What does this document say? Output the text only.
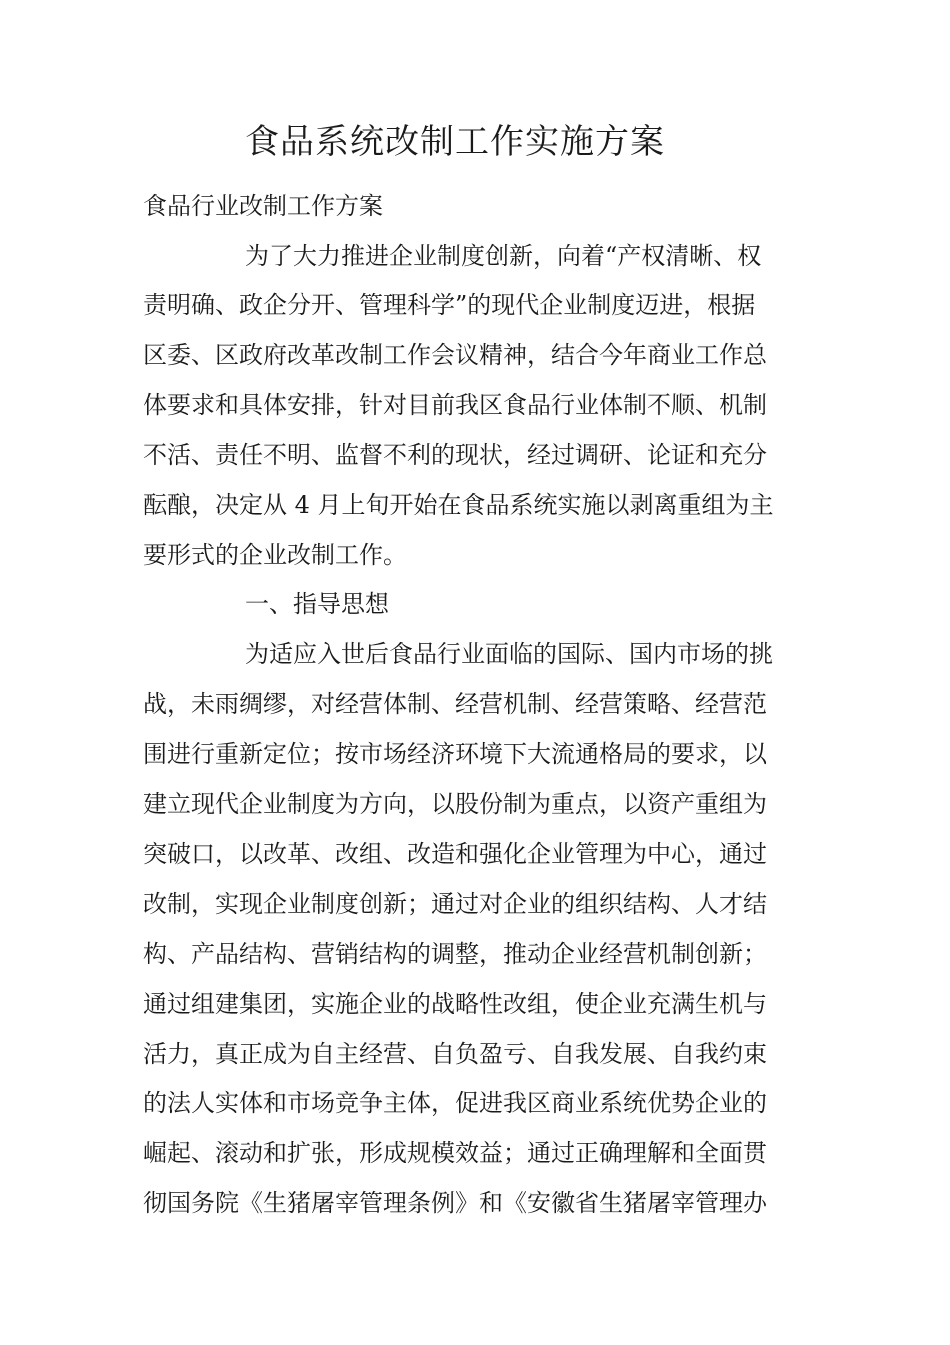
食品系统改制工作实施方案
食品行业改制工作方案
为了大力推进企业制度创新，向着“产权清晰、权
责明确、政企分开、管理科学”的现代企业制度迈进，根据
区委、区政府改革改制工作会议精神，结合今年商业工作总
体要求和具体安排，针对目前我区食品行业体制不顺、机制
不活、责任不明、监督不利的现状，经过调研、论证和充分
酝酿，决定从 4 月上旬开始在食品系统实施以剥离重组为主
要形式的企业改制工作。
一、指导思想
为适应入世后食品行业面临的国际、国内市场的挑
战，未雨绸缪，对经营体制、经营机制、经营策略、经营范
围进行重新定位；按市场经济环境下大流通格局的要求，以
建立现代企业制度为方向，以股份制为重点，以资产重组为
突破口，以改革、改组、改造和强化企业管理为中心，通过
改制，实现企业制度创新；通过对企业的组织结构、人才结
构、产品结构、营销结构的调整，推动企业经营机制创新；
通过组建集团，实施企业的战略性改组，使企业充满生机与
活力，真正成为自主经营、自负盈亏、自我发展、自我约束
的法人实体和市场竞争主体，促进我区商业系统优势企业的
崛起、滚动和扩张，形成规模效益；通过正确理解和全面贯
彻国务院《生猪屠宰管理条例》和《安徽省生猪屠宰管理办
